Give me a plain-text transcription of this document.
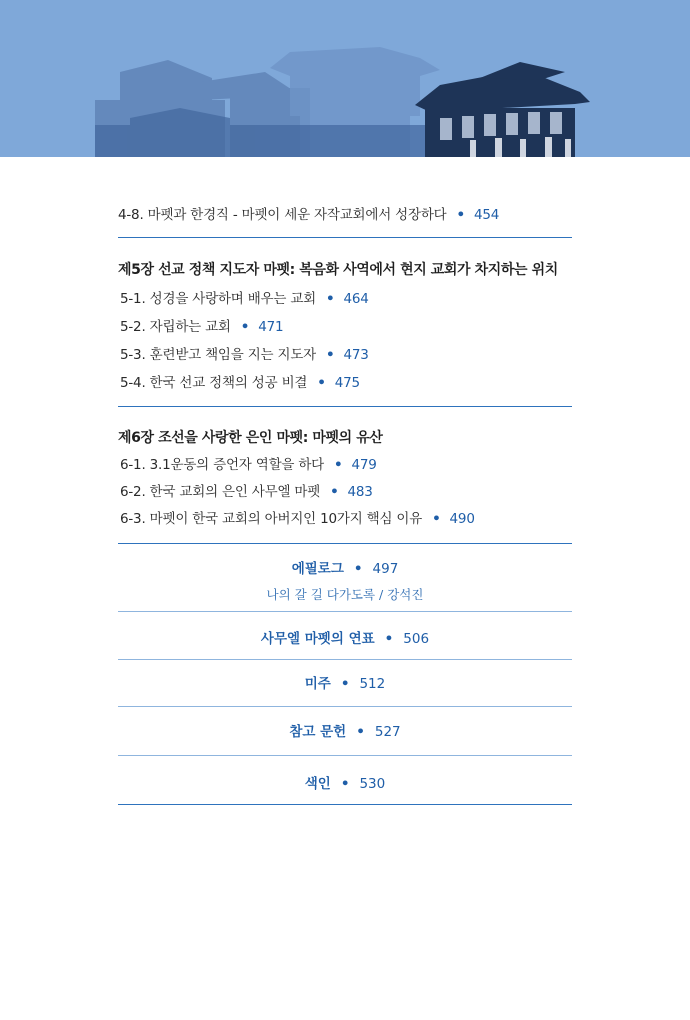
4-8. 마펫과 한경직 - 마펫이 세운 자작교회에서 성장하다 • 454
제5장 선교 정책 지도자 마펫: 복음화 사역에서 현지 교회가 차지하는 위치
5-1. 성경을 사랑하며 배우는 교회 • 464
5-2. 자립하는 교회 • 471
5-3. 훈련받고 책임을 지는 지도자 • 473
5-4. 한국 선교 정책의 성공 비결 • 475
제6장 조선을 사랑한 은인 마펫: 마펫의 유산
6-1. 3.1운동의 증언자 역할을 하다 • 479
6-2. 한국 교회의 은인 사무엘 마펫 • 483
6-3. 마펫이 한국 교회의 아버지인 10가지 핵심 이유 • 490
에필로그 • 497
나의 갈 길 다가도록 / 강석진
사무엘 마펫의 연표 • 506
미주 • 512
참고 문헌 • 527
색인 • 530
